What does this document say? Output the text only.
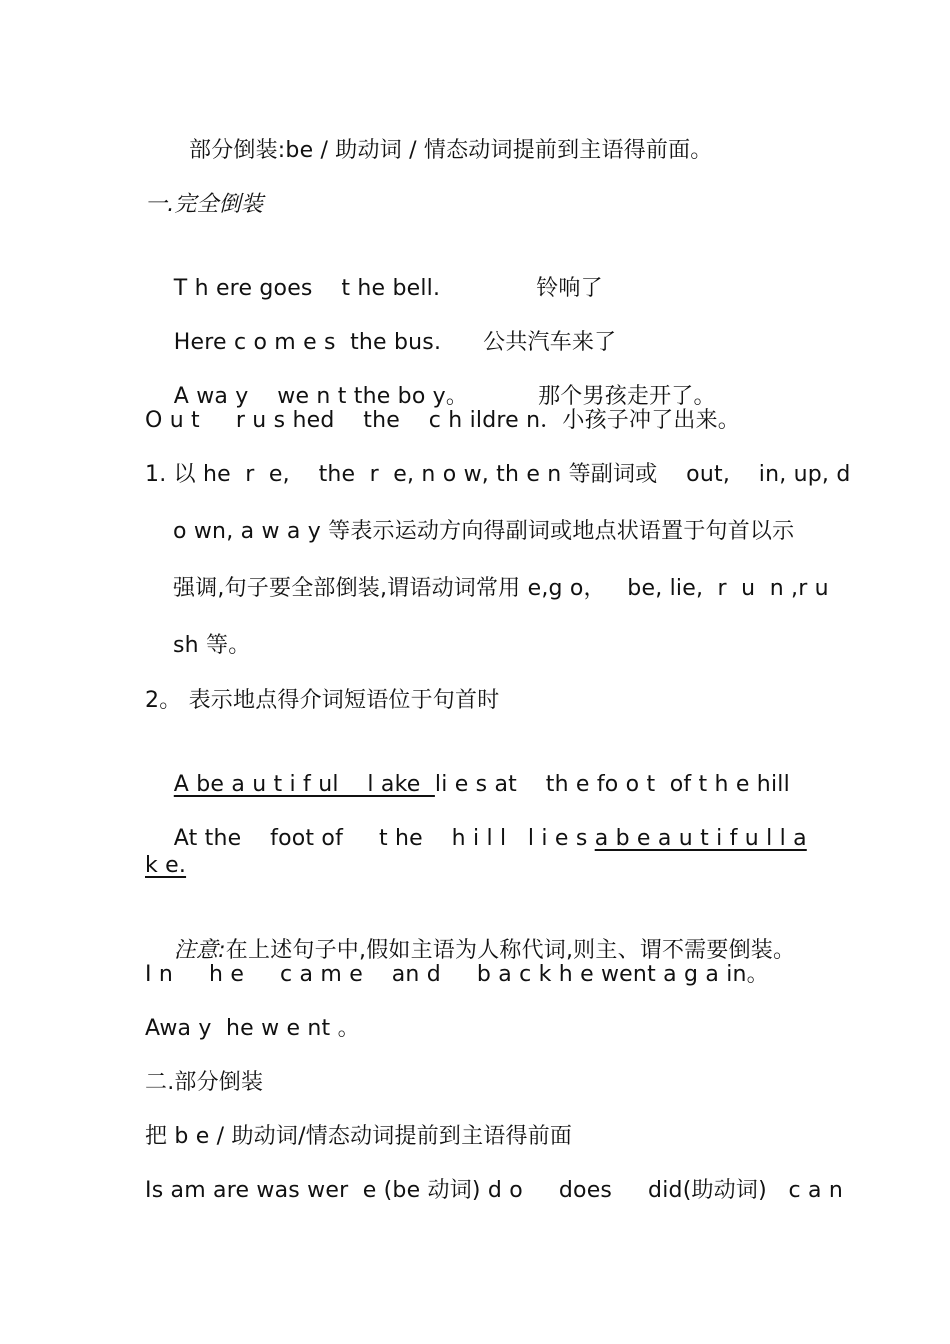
部分倒装:be / 助动词 / 情态动词提前到主语得前面。
一.完全倒装

T h ere goes    t he bell.	铃响了

Here c o m e s  the bus. 公共汽车来了

A wa y    we n t the bo y。	那个男孩走开了。

O u t     r u s hed    the    c h ildre n．小孩子冲了出来。
1. 以 he  r  e,    the  r  e, n o w, th e n 等副词或    out,    in, up, d
o wn, a w a y 等表示运动方向得副词或地点状语置于句首以示
强调,句子要全部倒装,谓语动词常用 e,g o，   be, lie,  r  u  n ,r u
sh 等。
2。 表示地点得介词短语位于句首时

A be a u t i f ul    l ake  li e s at    th e fo o t  of t h e hill

At the    foot of     t he    h i l l   l i e s a b e a u t i f u l l a

k e.

注意:在上述句子中,假如主语为人称代词,则主、谓不需要倒装。

I n     h e     c a m e    an d     b a c k h e went a g a in。
Awa y  he w e nt 。
二.部分倒装
把 b e / 助动词/情态动词提前到主语得前面
Is am are was wer  e (be 动词) d o     does     did(助动词)   c a n
